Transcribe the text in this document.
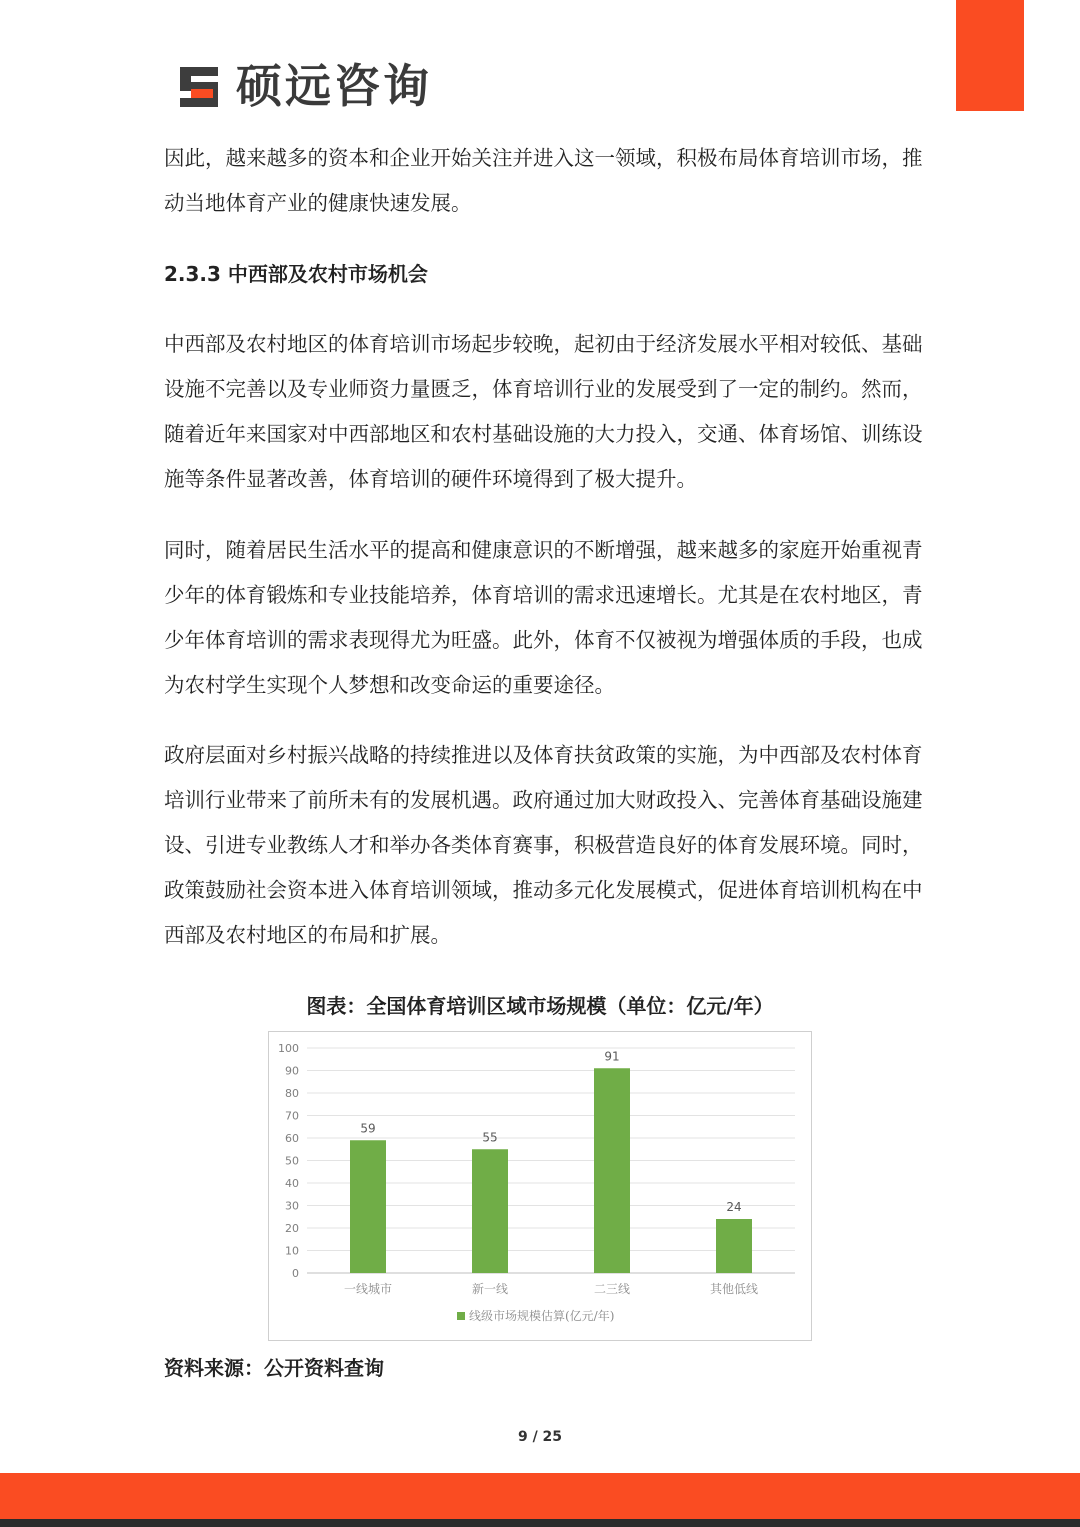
硕远咨询

因此，越来越多的资本和企业开始关注并进入这一领域，积极布局体育培训市场，推动当地体育产业的健康快速发展。

2.3.3 中西部及农村市场机会

中西部及农村地区的体育培训市场起步较晚，起初由于经济发展水平相对较低、基础设施不完善以及专业师资力量匮乏，体育培训行业的发展受到了一定的制约。然而，随着近年来国家对中西部地区和农村基础设施的大力投入，交通、体育场馆、训练设施等条件显著改善，体育培训的硬件环境得到了极大提升。

同时，随着居民生活水平的提高和健康意识的不断增强，越来越多的家庭开始重视青少年的体育锻炼和专业技能培养，体育培训的需求迅速增长。尤其是在农村地区，青少年体育培训的需求表现得尤为旺盛。此外，体育不仅被视为增强体质的手段，也成为农村学生实现个人梦想和改变命运的重要途径。

政府层面对乡村振兴战略的持续推进以及体育扶贫政策的实施，为中西部及农村体育培训行业带来了前所未有的发展机遇。政府通过加大财政投入、完善体育基础设施建设、引进专业教练人才和举办各类体育赛事，积极营造良好的体育发展环境。同时，政策鼓励社会资本进入体育培训领域，推动多元化发展模式，促进体育培训机构在中西部及农村地区的布局和扩展。

图表：全国体育培训区域市场规模（单位：亿元/年）

0
10
20
30
40
50
60
70
80
90
100
59
一线城市
55
新一线
91
二三线
24
其他低线
线级市场规模估算(亿元/年)

资料来源：公开资料查询

9 / 25
